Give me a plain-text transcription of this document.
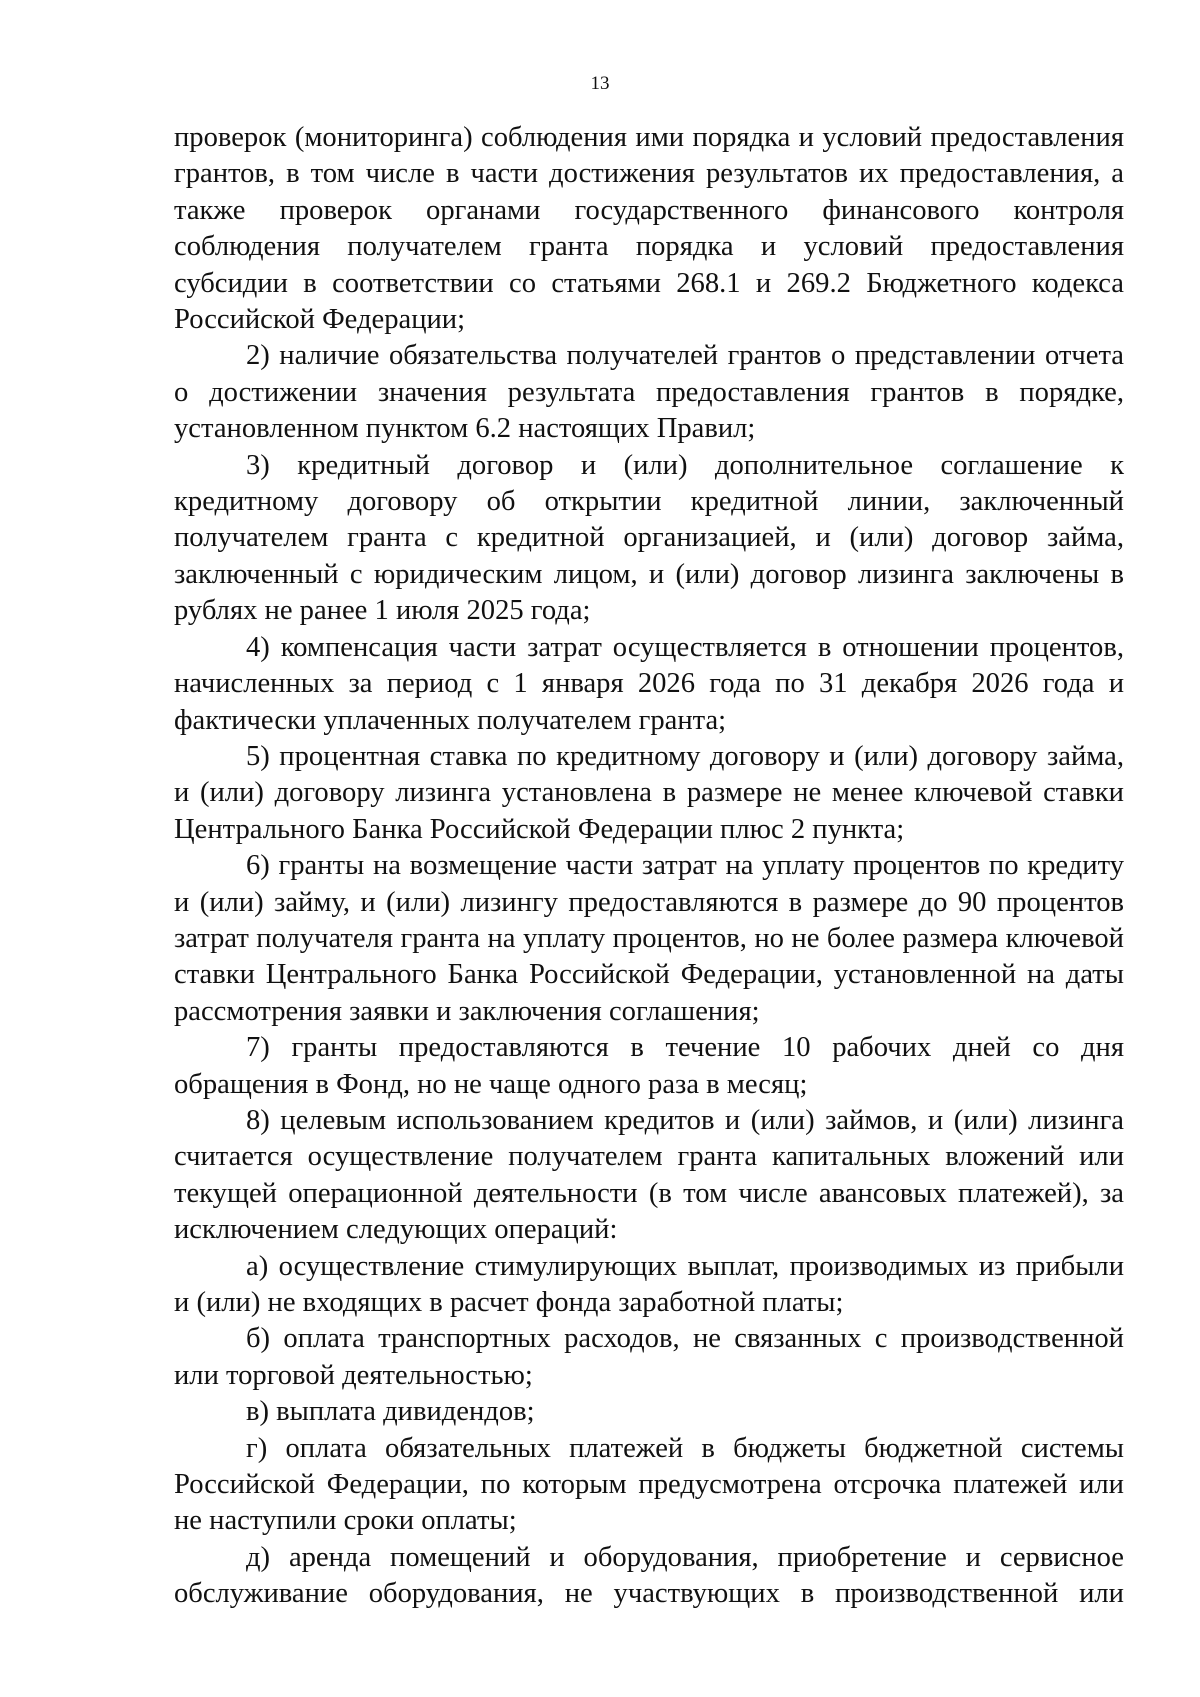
13

проверок (мониторинга) соблюдения ими порядка и условий предоставления грантов, в том числе в части достижения результатов их предоставления, а также проверок органами государственного финансового контроля соблюдения получателем гранта порядка и условий предоставления субсидии в соответствии со статьями 268.1 и 269.2 Бюджетного кодекса Российской Федерации;

2) наличие обязательства получателей грантов о представлении отчета о достижении значения результата предоставления грантов в порядке, установленном пунктом 6.2 настоящих Правил;

3) кредитный договор и (или) дополнительное соглашение к кредитному договору об открытии кредитной линии, заключенный получателем гранта с кредитной организацией, и (или) договор займа, заключенный с юридическим лицом, и (или) договор лизинга заключены в рублях не ранее 1 июля 2025 года;

4) компенсация части затрат осуществляется в отношении процентов, начисленных за период с 1 января 2026 года по 31 декабря 2026 года и фактически уплаченных получателем гранта;

5) процентная ставка по кредитному договору и (или) договору займа, и (или) договору лизинга установлена в размере не менее ключевой ставки Центрального Банка Российской Федерации плюс 2 пункта;

6) гранты на возмещение части затрат на уплату процентов по кредиту и (или) займу, и (или) лизингу предоставляются в размере до 90 процентов затрат получателя гранта на уплату процентов, но не более размера ключевой ставки Центрального Банка Российской Федерации, установленной на даты рассмотрения заявки и заключения соглашения;

7) гранты предоставляются в течение 10 рабочих дней со дня обращения в Фонд, но не чаще одного раза в месяц;

8) целевым использованием кредитов и (или) займов, и (или) лизинга считается осуществление получателем гранта капитальных вложений или текущей операционной деятельности (в том числе авансовых платежей), за исключением следующих операций:

а) осуществление стимулирующих выплат, производимых из прибыли и (или) не входящих в расчет фонда заработной платы;

б) оплата транспортных расходов, не связанных с производственной или торговой деятельностью;

в) выплата дивидендов;

г) оплата обязательных платежей в бюджеты бюджетной системы Российской Федерации, по которым предусмотрена отсрочка платежей или не наступили сроки оплаты;

д) аренда помещений и оборудования, приобретение и сервисное обслуживание оборудования, не участвующих в производственной или
